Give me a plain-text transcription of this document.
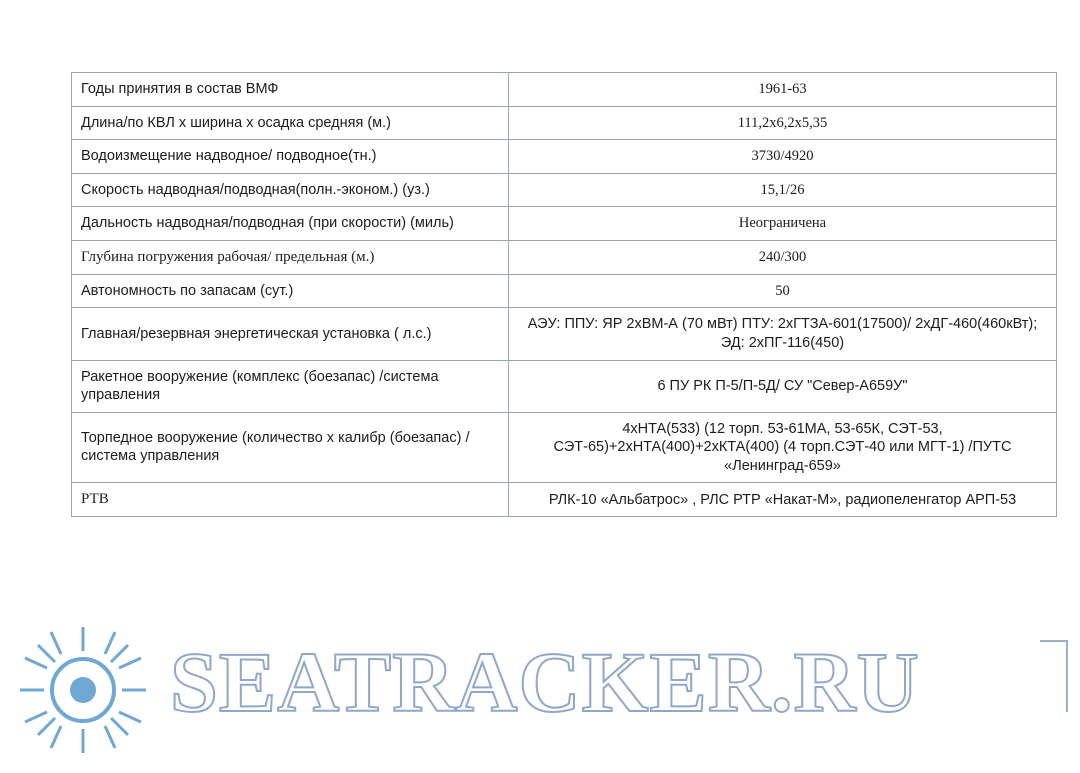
Годы принятия в состав ВМФ	1961-63
Длина/по КВЛ х ширина х осадка средняя (м.)	111,2х6,2х5,35
Водоизмещение надводное/ подводное(тн.)	3730/4920
Скорость надводная/подводная(полн.-эконом.) (уз.)	15,1/26
Дальность надводная/подводная (при скорости) (миль)	Неограничена
Глубина погружения рабочая/ предельная (м.)	240/300
Автономность по запасам (сут.)	50
Главная/резервная энергетическая установка ( л.с.)	АЭУ: ППУ: ЯР 2хВМ-А (70 мВт) ПТУ: 2хГТЗА-601(17500)/ 2хДГ-460(460кВт); ЭД: 2хПГ-116(450)
Ракетное вооружение (комплекс (боезапас) /система управления	6 ПУ РК П-5/П-5Д/ СУ "Север-А659У"
Торпедное вооружение (количество х калибр (боезапас) /система управления	4хНТА(533) (12 торп. 53-61МА, 53-65К, СЭТ-53, СЭТ-65)+2хНТА(400)+2хКТА(400) (4 торп.СЭТ-40 или МГТ-1) /ПУТС «Ленинград-659»
РТВ	РЛК-10 «Альбатрос» , РЛС РТР «Накат-М», радиопеленгатор АРП-53
SEATRACKER.RU
